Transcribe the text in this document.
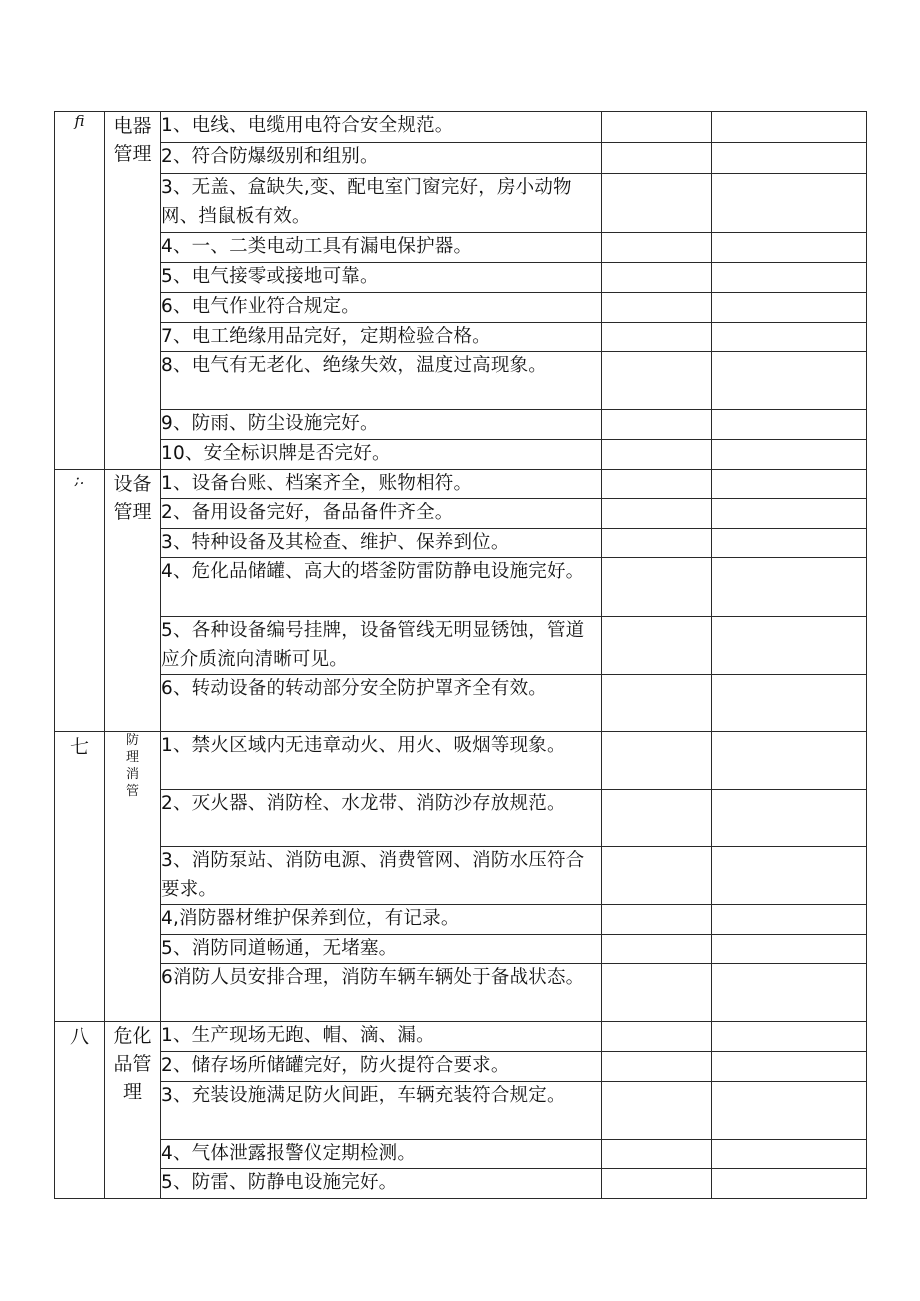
fi	电器管理	1、电线、电缆用电符合安全规范。		

		2、符合防爆级别和组别。		

		3、无盖、盒缺失,变、配电室门窗完好，房小动物网、挡鼠板有效。		

		4、一、二类电动工具有漏电保护器。		

		5、电气接零或接地可靠。		

		6、电气作业符合规定。		

		7、电工绝缘用品完好，定期检验合格。		

		8、电气有无老化、绝缘失效，温度过高现象。		

		9、防雨、防尘设施完好。		

		10、安全标识牌是否完好。		

;.	设备管理	1、设备台账、档案齐全，账物相符。		

		2、备用设备完好，备品备件齐全。		

		3、特种设备及其检查、维护、保养到位。		

		4、危化品储罐、高大的塔釜防雷防静电设施完好。		

		5、各种设备编号挂牌，设备管线无明显锈蚀，管道应介质流向清晰可见。		

		6、转动设备的转动部分安全防护罩齐全有效。		

七	防理消管	1、禁火区域内无违章动火、用火、吸烟等现象。		

		2、灭火器、消防栓、水龙带、消防沙存放规范。		

		3、消防泵站、消防电源、消费管网、消防水压符合要求。		

		4,消防器材维护保养到位，有记录。		

		5、消防同道畅通，无堵塞。		

		6消防人员安排合理，消防车辆车辆处于备战状态。		

八	危化品管理	1、生产现场无跑、帽、滴、漏。		

		2、储存场所储罐完好，防火提符合要求。		

		3、充装设施满足防火间距，车辆充装符合规定。		

		4、气体泄露报警仪定期检测。		

		5、防雷、防静电设施完好。		
